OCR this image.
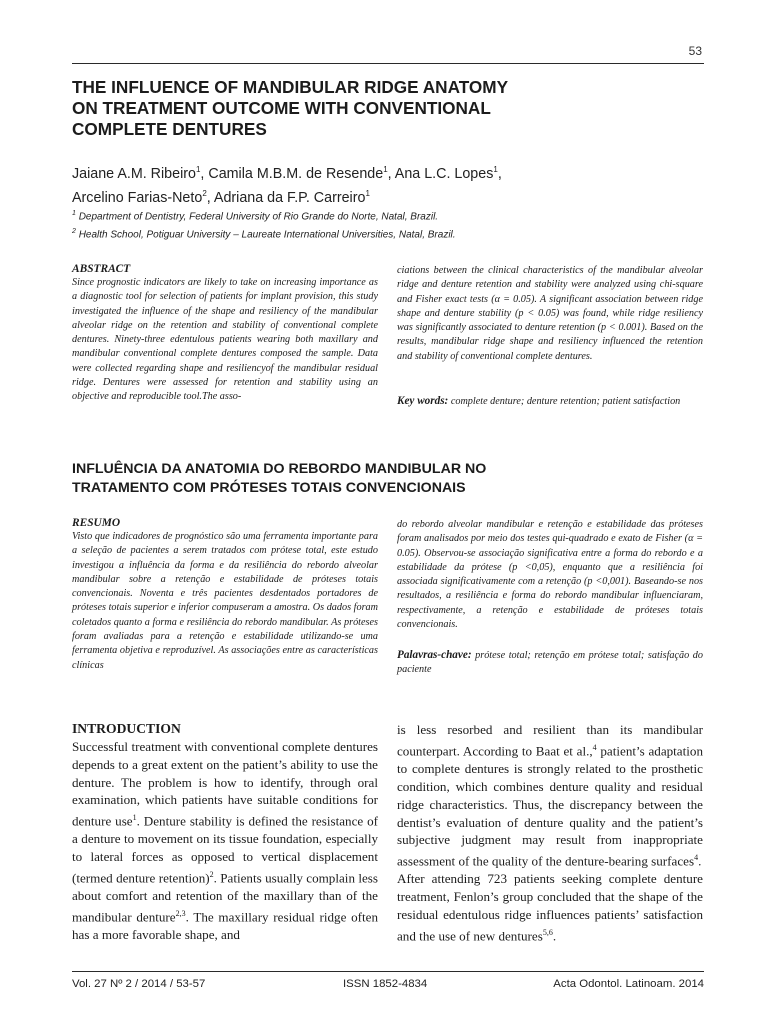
53
THE INFLUENCE OF MANDIBULAR RIDGE ANATOMY
ON TREATMENT OUTCOME WITH CONVENTIONAL
COMPLETE DENTURES
Jaiane A.M. Ribeiro$^1$, Camila M.B.M. de Resende$^1$, Ana L.C. Lopes$^1$,
Arcelino Farias-Neto$^2$, Adriana da F.P. Carreiro$^1$
$^1$ Department of Dentistry, Federal University of Rio Grande do Norte, Natal, Brazil.
$^2$ Health School, Potiguar University – Laureate International Universities, Natal, Brazil.
ABSTRACT
Since prognostic indicators are likely to take on increasing importance as a diagnostic tool for selection of patients for implant provision, this study investigated the influence of the shape and resiliency of the mandibular alveolar ridge on the retention and stability of conventional complete dentures. Ninety-three edentulous patients wearing both maxillary and mandibular conventional complete dentures composed the sample. Data were collected regarding shape and resiliencyof the mandibular residual ridge. Dentures were assessed for retention and stability using an objective and reproducible tool.The asso-
ciations between the clinical characteristics of the mandibular alveolar ridge and denture retention and stability were analyzed using chi-square and Fisher exact tests (α = 0.05). A significant association between ridge shape and denture stability (p < 0.05) was found, while ridge resiliency was significantly associated to denture retention (p < 0.001). Based on the results, mandibular ridge shape and resiliency influenced the retention and stability of conventional complete dentures.
Key words: complete denture; denture retention; patient satisfaction
INFLUÊNCIA DA ANATOMIA DO REBORDO MANDIBULAR NO
TRATAMENTO COM PRÓTESES TOTAIS CONVENCIONAIS
RESUMO
Visto que indicadores de prognóstico são uma ferramenta importante para a seleção de pacientes a serem tratados com prótese total, este estudo investigou a influência da forma e da resiliência do rebordo alveolar mandibular sobre a retenção e estabilidade de próteses totais convencionais. Noventa e três pacientes desdentados portadores de próteses totais superior e inferior compuseram a amostra. Os dados foram coletados quanto a forma e resiliência do rebordo mandibular. As próteses foram avaliadas para a retenção e estabilidade utilizando-se uma ferramenta objetiva e reproduzível. As associações entre as características clínicas
do rebordo alveolar mandibular e retenção e estabilidade das próteses foram analisados por meio dos testes qui-quadrado e exato de Fisher (α = 0.05). Observou-se associação significativa entre a forma do rebordo e a estabilidade da prótese (p <0,05), enquanto que a resiliência foi associada significativamente com a retenção (p <0,001). Baseando-se nos resultados, a resiliência e forma do rebordo mandibular influenciaram, respectivamente, a retenção e estabilidade de próteses totais convencionais.
Palavras-chave: prótese total; retenção em prótese total; satisfação do paciente
INTRODUCTION
Successful treatment with conventional complete dentures depends to a great extent on the patient’s ability to use the denture. The problem is how to identify, through oral examination, which patients have suitable conditions for denture use$^1$. Denture stability is defined the resistance of a denture to movement on its tissue foundation, especially to lateral forces as opposed to vertical displacement (termed denture retention)$^2$. Patients usually complain less about comfort and retention of the maxillary than of the mandibular denture$^{2,3}$. The maxillary residual ridge often has a more favorable shape, and
is less resorbed and resilient than its mandibular counterpart. According to Baat et al.,$^4$ patient’s adaptation to complete dentures is strongly related to the prosthetic condition, which combines denture quality and residual ridge characteristics. Thus, the discrepancy between the dentist’s evaluation of denture quality and the patient’s subjective judgment may result from inappropriate assessment of the quality of the denture-bearing surfaces$^4$.
After attending 723 patients seeking complete denture treatment, Fenlon’s group concluded that the shape of the residual edentulous ridge influences patients’ satisfaction and the use of new dentures$^{5,6}$.
Vol. 27 Nº 2 / 2014 / 53-57	ISSN 1852-4834	Acta Odontol. Latinoam. 2014
